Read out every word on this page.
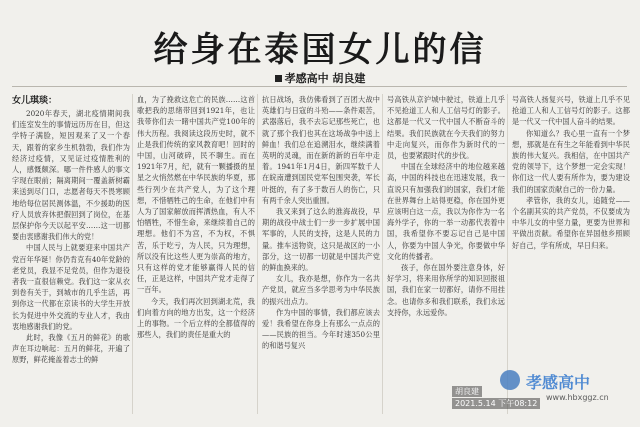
给身在泰国女儿的信
孝感高中 胡良建

女儿琪琰：

2020年春天，湖北疫情期间我们连室发生的事情远历历在目，但这学特子满脸，短因观来了又一个春天，跟着的家乡生机勃勃，我们作为经济过疫情，又见证过疫情胜利的人，感慨颇深。哪一件件感人的事文字现在眼前；隔离期间一覆盖新树霸来送到尽门口，志愿者每天不畏寒顾地给每位居民测体温，不少援助的医疗人员放弃休把假回到了岗位，在基层保护你今天以起平安……这一切都要由衷感谢我们伟大的党！

中国人民与上就要迎来中国共产党百年华诞！你仍肯克有40年党龄的老党员，我显不足党员，但作为退役者我一直很信赖党。我们这一家从衣到卷有关于，到城市的几乎生活，再到你这一代都在京读书的大学生开放长为促进中外交流的专业人才，我由衷地感谢我们的党。

此时，我像《五月的鲜花》的歌声在耳边响起：五月的鲜花，开遍了原野，鲜花掩盖着志士的鲜

血，为了挽救这危亡的民族……这首歌把我的思绪带回到1921年，也让我带你们去一睹中国共产党100年的伟大历程。我阅读这段历史时，就不止是我们传统的家风教育吧！回时的中国，山河破碎，民不聊生。而在1921年7月，纪，就有一颗播摄的星星之火悄然燃在中华民族的华夏，那些行列少在共产党人，为了这个理想，不惜牺牲己的生命，在他们中有人为了国家解放而挥洒热血，有人不怕牺牲，不惜生命，来继续着自己的理想。他们不为宫，不为权，不惧苦，乐于吃亏，为人民，只为理想，所以没有比这些人更为崇高的地方，只有这样的党才能够赢得人民的信任，正是这样，中国共产党才走得了一百年。

今天，我们再次回到湖北荒，我们向着方向的地方出发，这一个经济上的事物。一个后立样的全都值得的那些人，我们的责任是重大的

抗日战场，我仿佛看到了百团大战中英雄们与日寇的斗殆——条件艰苦，武器落后，我不去忘记那些死亡，也就了那个我们也其在这场战争中送上鲜血！我们总在追溯泪水，继续满着英明的灵魂，而在新的新的百年中走着。1941年1月4日，新四军数千人在皖南遭到国民党军包围突袭，军长叶挺的，有了多于数百人的伤亡，只有两千余人突出重围。

我又来到了这么的淮海战役，早期的战役中战士们一步一步扩展中国军事的，人民的支持，这是人民的力量。推车送物资，这只是战区的一小部分，这一切都一切就是中国共产党的鲜血换来的。

女儿，我亦是想，你作为一名共产党员，就应当多学思考为中华民族的振兴出点力。

作为中国的事情，我们都应该去爱！我希望在你身上有那么一点点的——民族的担当。今年时速350公里的和谐号复兴

号高铁从京沪城中驶过，铁道上几乎不见抢道工人和人工信号灯的影子。这都是一代又一代中国人不断奋斗的结果。我们民族就在今天我们的努力中走向复兴，而你作为新时代的一员，也要紧跟时代的步伐。

中国在全球经济中的地位越来越高，中国的科技也在迅速发展，我一直说只有加强我们的国家，我们才能在世界舞台上站得更稳，你在国外更应该明白这一点，我以为你作为一名海外学子，你的一举一动都代表着中国，我希望你不要忘记自己是中国人，你要为中国人争光，你要做中华文化的传播者。

孩子，你在国外要注意身体，好好学习，将来用你所学的知识回报祖国，我们在家一切都好，请你不用挂念。也请你多和我们联系，我们永远支持你，永远爱你。

号高铁人扬复兴号，铁道上几乎不见抢道工人和人工信号灯的影子。这都是一代又一代中国人奋斗的结果。

你知道么？我心里一直有一个梦想，那就是在有生之年能看到中华民族的伟大复兴。我相信，在中国共产党的领导下，这个梦想一定会实现！你们这一代人要有所作为，要为建设我们的国家贡献自己的一份力量。

孝管你，我的女儿，追随党——个名副其实的共产党员，不仅要成为中华儿女的中坚力量，更要为世界和平做出贡献。希望你在异国他乡照顾好自己，学有所成，早日归来。

胡良建
2021.5.14 下午08:12
孝感高中
www.hbxggz.cn
